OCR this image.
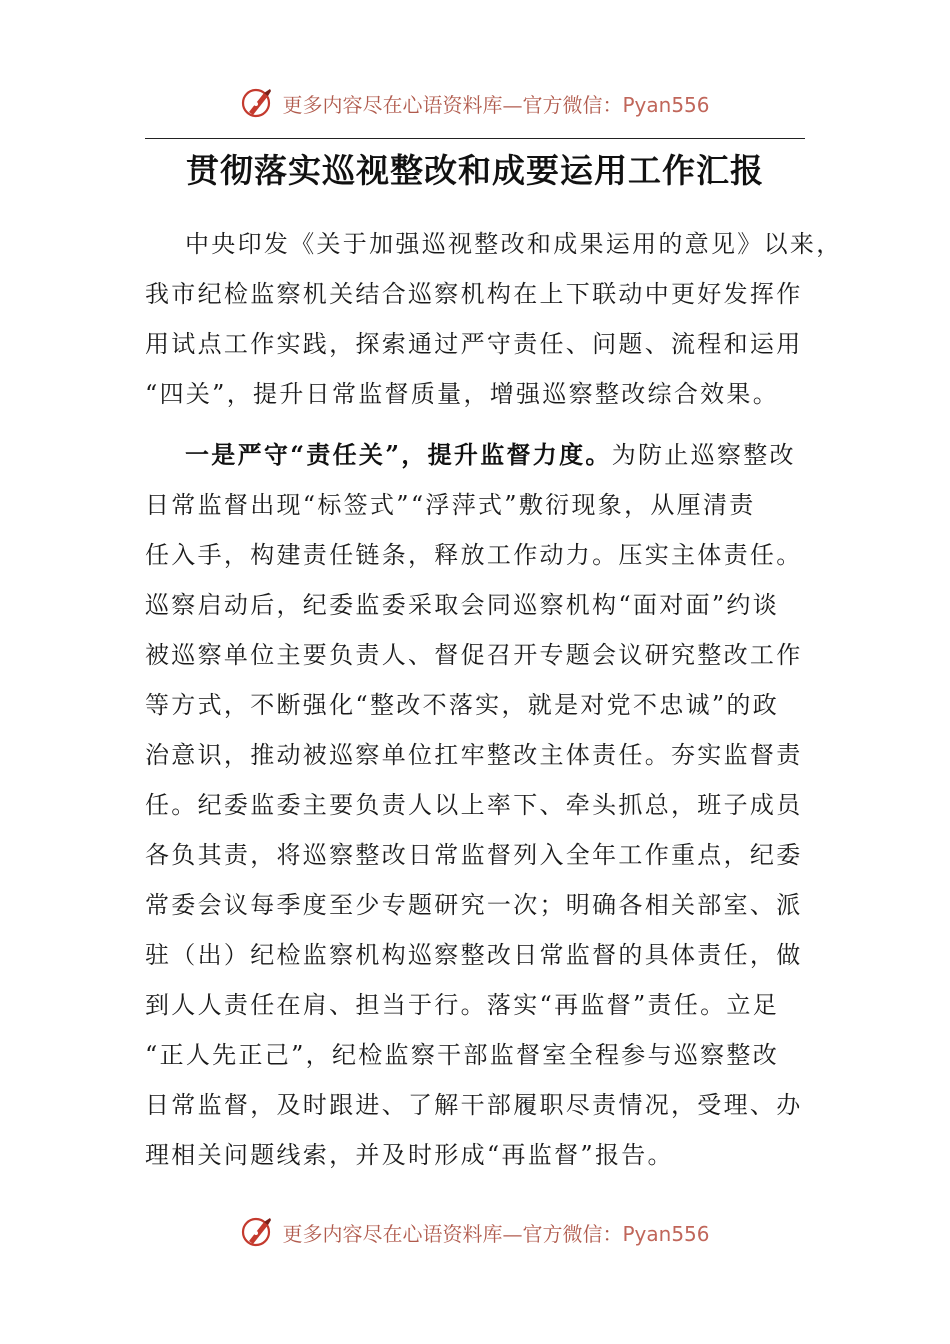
更多内容尽在心语资料库—官方微信：Pyan556
贯彻落实巡视整改和成要运用工作汇报
中央印发《关于加强巡视整改和成果运用的意见》以来，
我市纪检监察机关结合巡察机构在上下联动中更好发挥作
用试点工作实践，探索通过严守责任、问题、流程和运用
“四关”，提升日常监督质量，增强巡察整改综合效果。
一是严守“责任关”，提升监督力度。为防止巡察整改
日常监督出现“标签式”“浮萍式”敷衍现象，从厘清责
任入手，构建责任链条，释放工作动力。压实主体责任。
巡察启动后，纪委监委采取会同巡察机构“面对面”约谈
被巡察单位主要负责人、督促召开专题会议研究整改工作
等方式，不断强化“整改不落实，就是对党不忠诚”的政
治意识，推动被巡察单位扛牢整改主体责任。夯实监督责
任。纪委监委主要负责人以上率下、牵头抓总，班子成员
各负其责，将巡察整改日常监督列入全年工作重点，纪委
常委会议每季度至少专题研究一次；明确各相关部室、派
驻（出）纪检监察机构巡察整改日常监督的具体责任，做
到人人责任在肩、担当于行。落实“再监督”责任。立足
“正人先正己”，纪检监察干部监督室全程参与巡察整改
日常监督，及时跟进、了解干部履职尽责情况，受理、办
理相关问题线索，并及时形成“再监督”报告。
更多内容尽在心语资料库—官方微信：Pyan556
